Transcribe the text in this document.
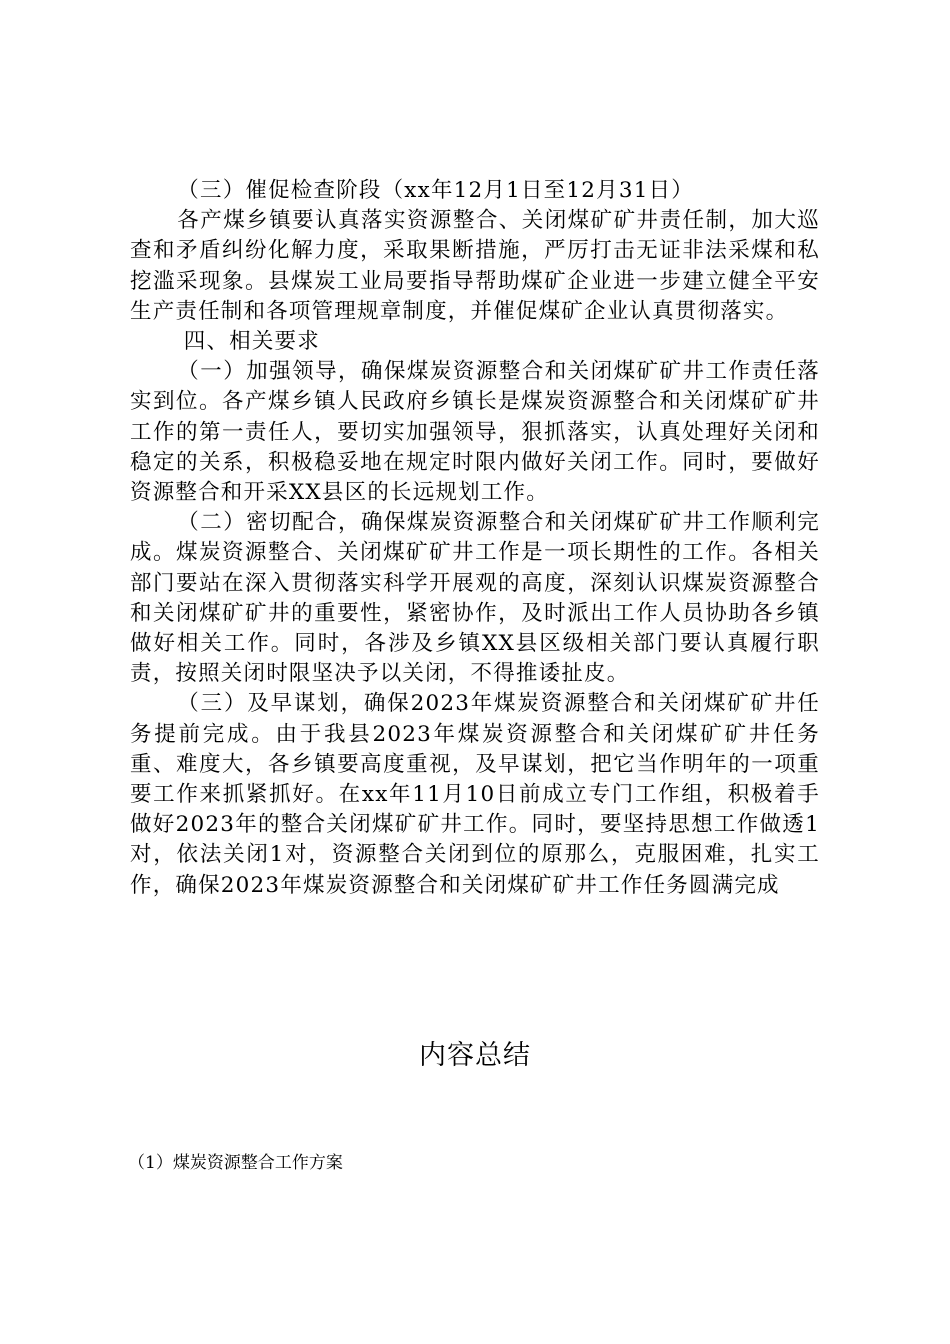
（三）催促检查阶段（xx年12月1日至12月31日）

各产煤乡镇要认真落实资源整合、关闭煤矿矿井责任制，加大巡查和矛盾纠纷化解力度，采取果断措施，严厉打击无证非法采煤和私挖滥采现象。县煤炭工业局要指导帮助煤矿企业进一步建立健全平安生产责任制和各项管理规章制度，并催促煤矿企业认真贯彻落实。

四、相关要求

（一）加强领导，确保煤炭资源整合和关闭煤矿矿井工作责任落实到位。各产煤乡镇人民政府乡镇长是煤炭资源整合和关闭煤矿矿井工作的第一责任人，要切实加强领导，狠抓落实，认真处理好关闭和稳定的关系，积极稳妥地在规定时限内做好关闭工作。同时，要做好资源整合和开采XX县区的长远规划工作。

（二）密切配合，确保煤炭资源整合和关闭煤矿矿井工作顺利完成。煤炭资源整合、关闭煤矿矿井工作是一项长期性的工作。各相关部门要站在深入贯彻落实科学开展观的高度，深刻认识煤炭资源整合和关闭煤矿矿井的重要性，紧密协作，及时派出工作人员协助各乡镇做好相关工作。同时，各涉及乡镇XX县区级相关部门要认真履行职责，按照关闭时限坚决予以关闭，不得推诿扯皮。

（三）及早谋划，确保2023年煤炭资源整合和关闭煤矿矿井任务提前完成。由于我县2023年煤炭资源整合和关闭煤矿矿井任务重、难度大，各乡镇要高度重视，及早谋划，把它当作明年的一项重要工作来抓紧抓好。在xx年11月10日前成立专门工作组，积极着手做好2023年的整合关闭煤矿矿井工作。同时，要坚持思想工作做透1对，依法关闭1对，资源整合关闭到位的原那么，克服困难，扎实工作，确保2023年煤炭资源整合和关闭煤矿矿井工作任务圆满完成

内容总结
（1）煤炭资源整合工作方案
